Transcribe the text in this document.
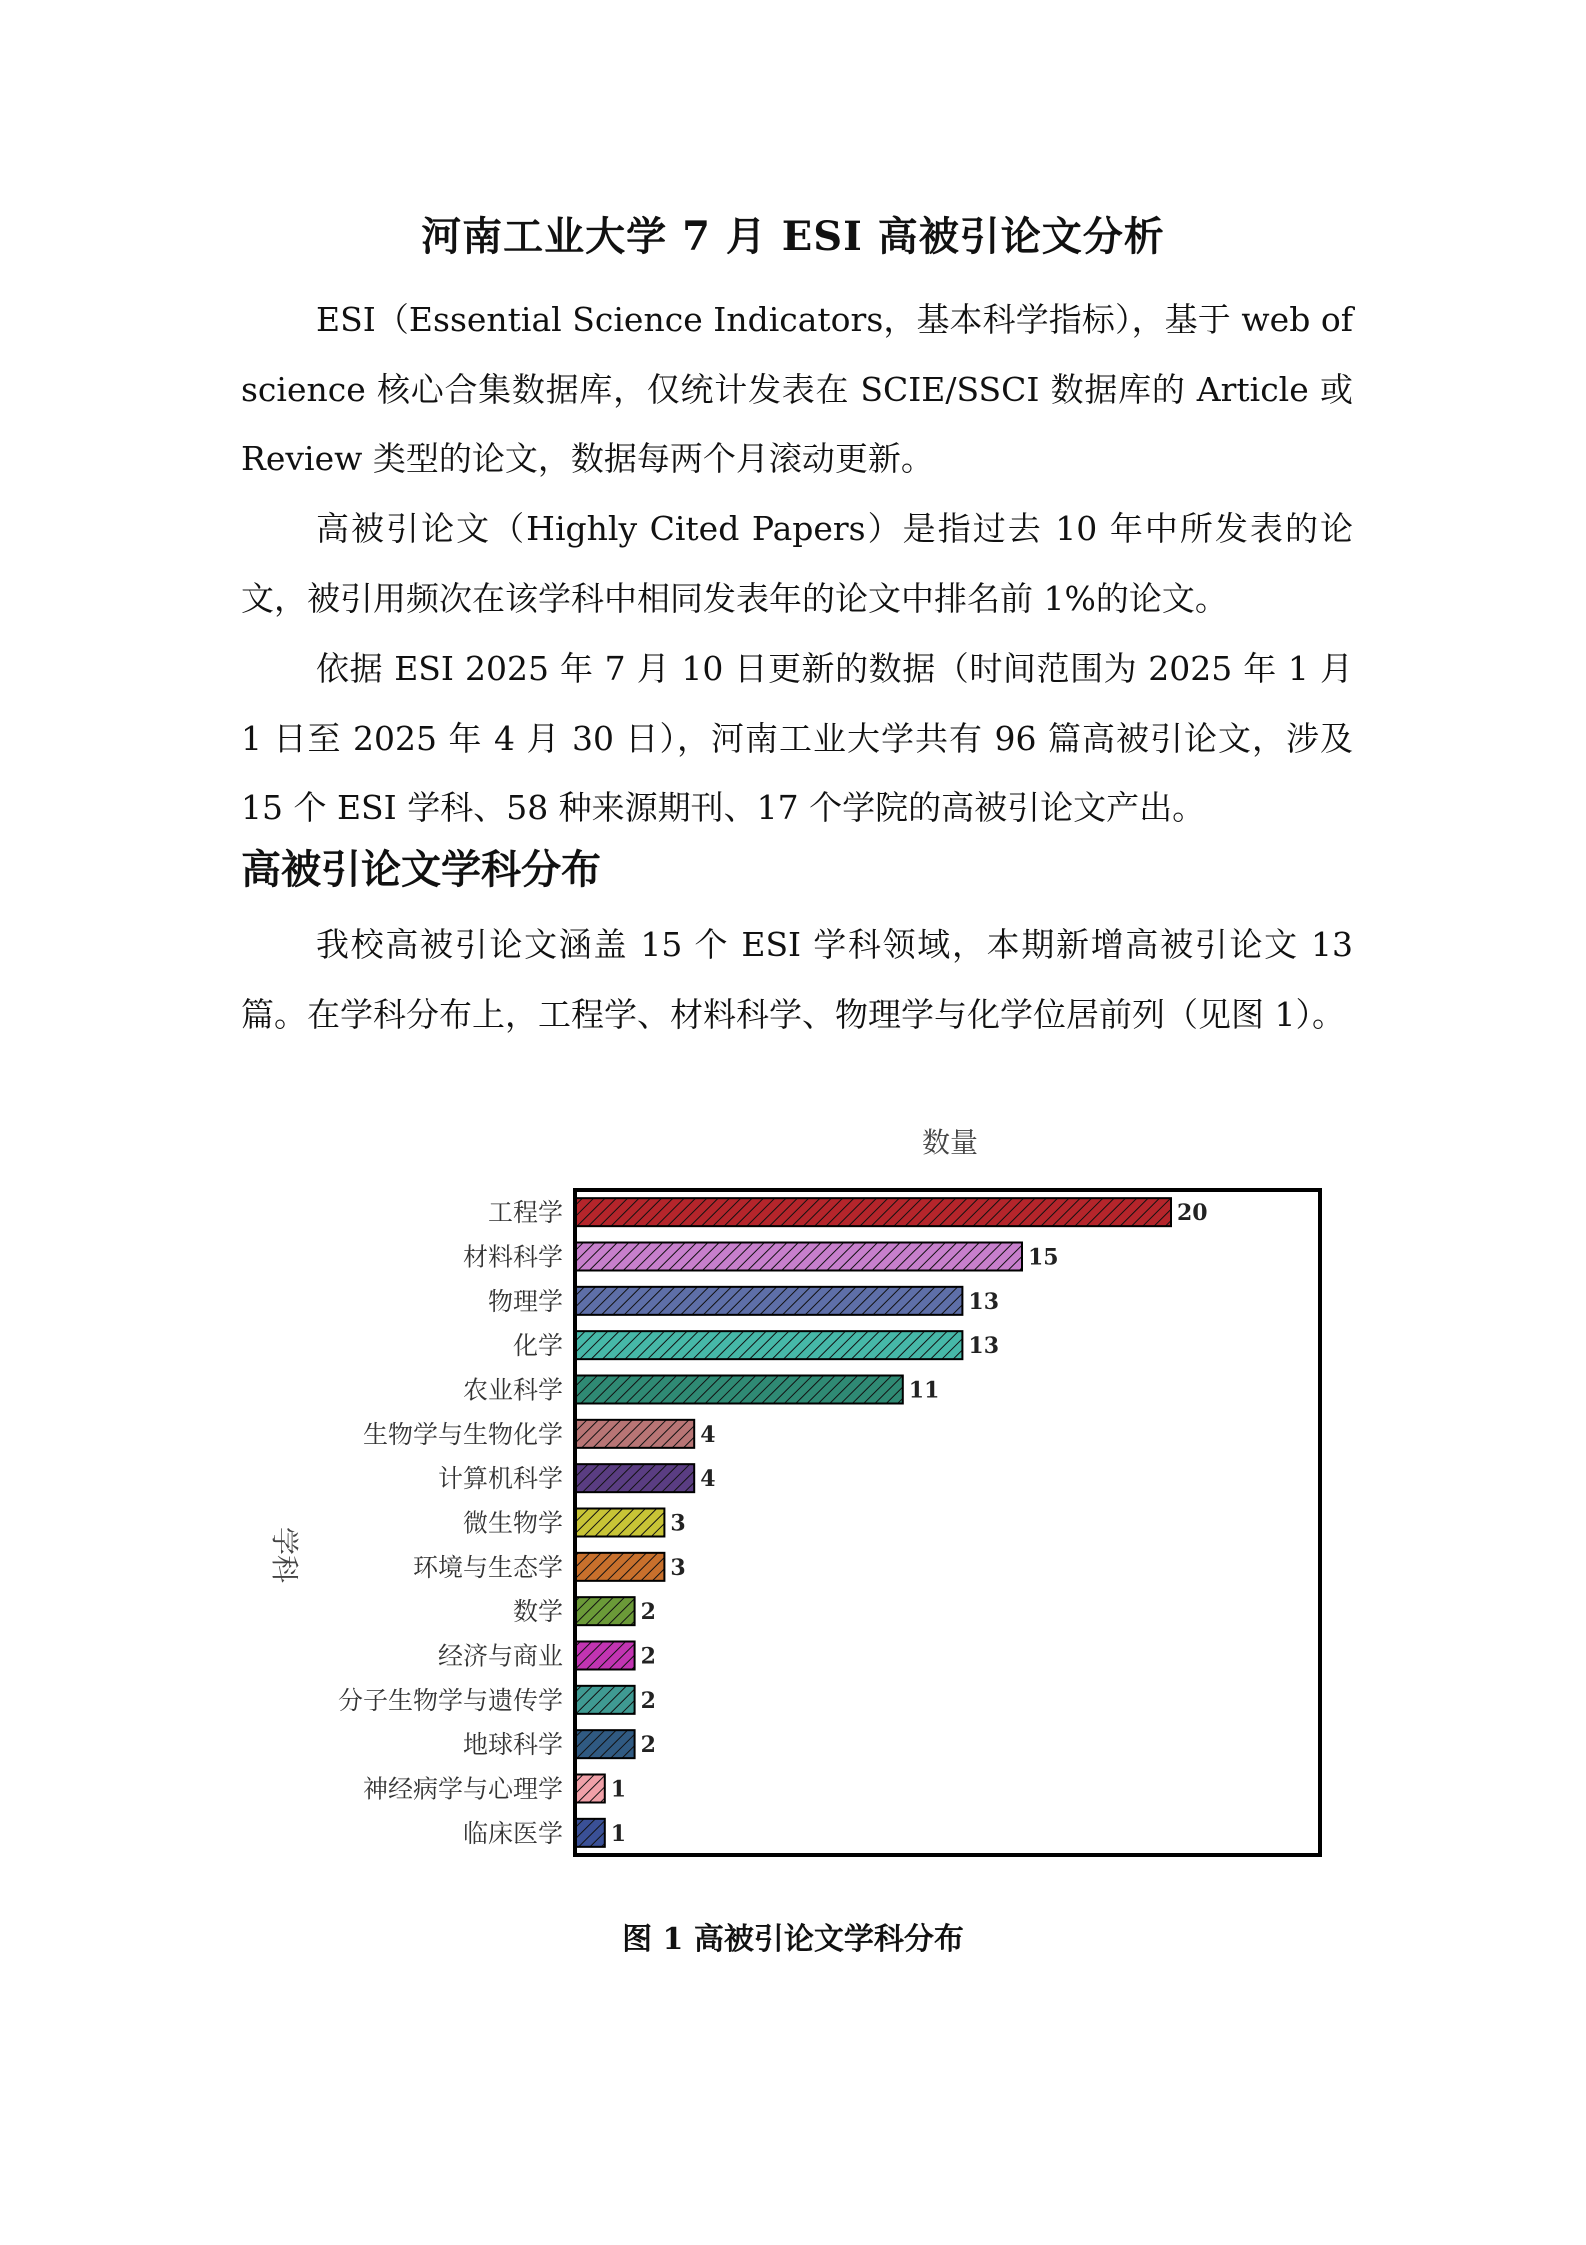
河南工业大学 7 月 ESI 高被引论文分析

ESI（Essential Science Indicators，基本科学指标），基于 web of science 核心合集数据库，仅统计发表在 SCIE/SSCI 数据库的 Article 或 Review 类型的论文，数据每两个月滚动更新。

高被引论文（Highly Cited Papers）是指过去 10 年中所发表的论文，被引用频次在该学科中相同发表年的论文中排名前 1%的论文。

依据 ESI 2025 年 7 月 10 日更新的数据（时间范围为 2025 年 1 月 1 日至 2025 年 4 月 30 日），河南工业大学共有 96 篇高被引论文，涉及 15 个 ESI 学科、58 种来源期刊、17 个学院的高被引论文产出。

高被引论文学科分布

我校高被引论文涵盖 15 个 ESI 学科领域，本期新增高被引论文 13 篇。在学科分布上，工程学、材料科学、物理学与化学位居前列（见图 1）。

数量
学科
工程学	20
材料科学	15
物理学	13
化学	13
农业科学	11
生物学与生物化学	4
计算机科学	4
微生物学	3
环境与生态学	3
数学	2
经济与商业	2
分子生物学与遗传学	2
地球科学	2
神经病学与心理学 1
临床医学 1

图 1 高被引论文学科分布
